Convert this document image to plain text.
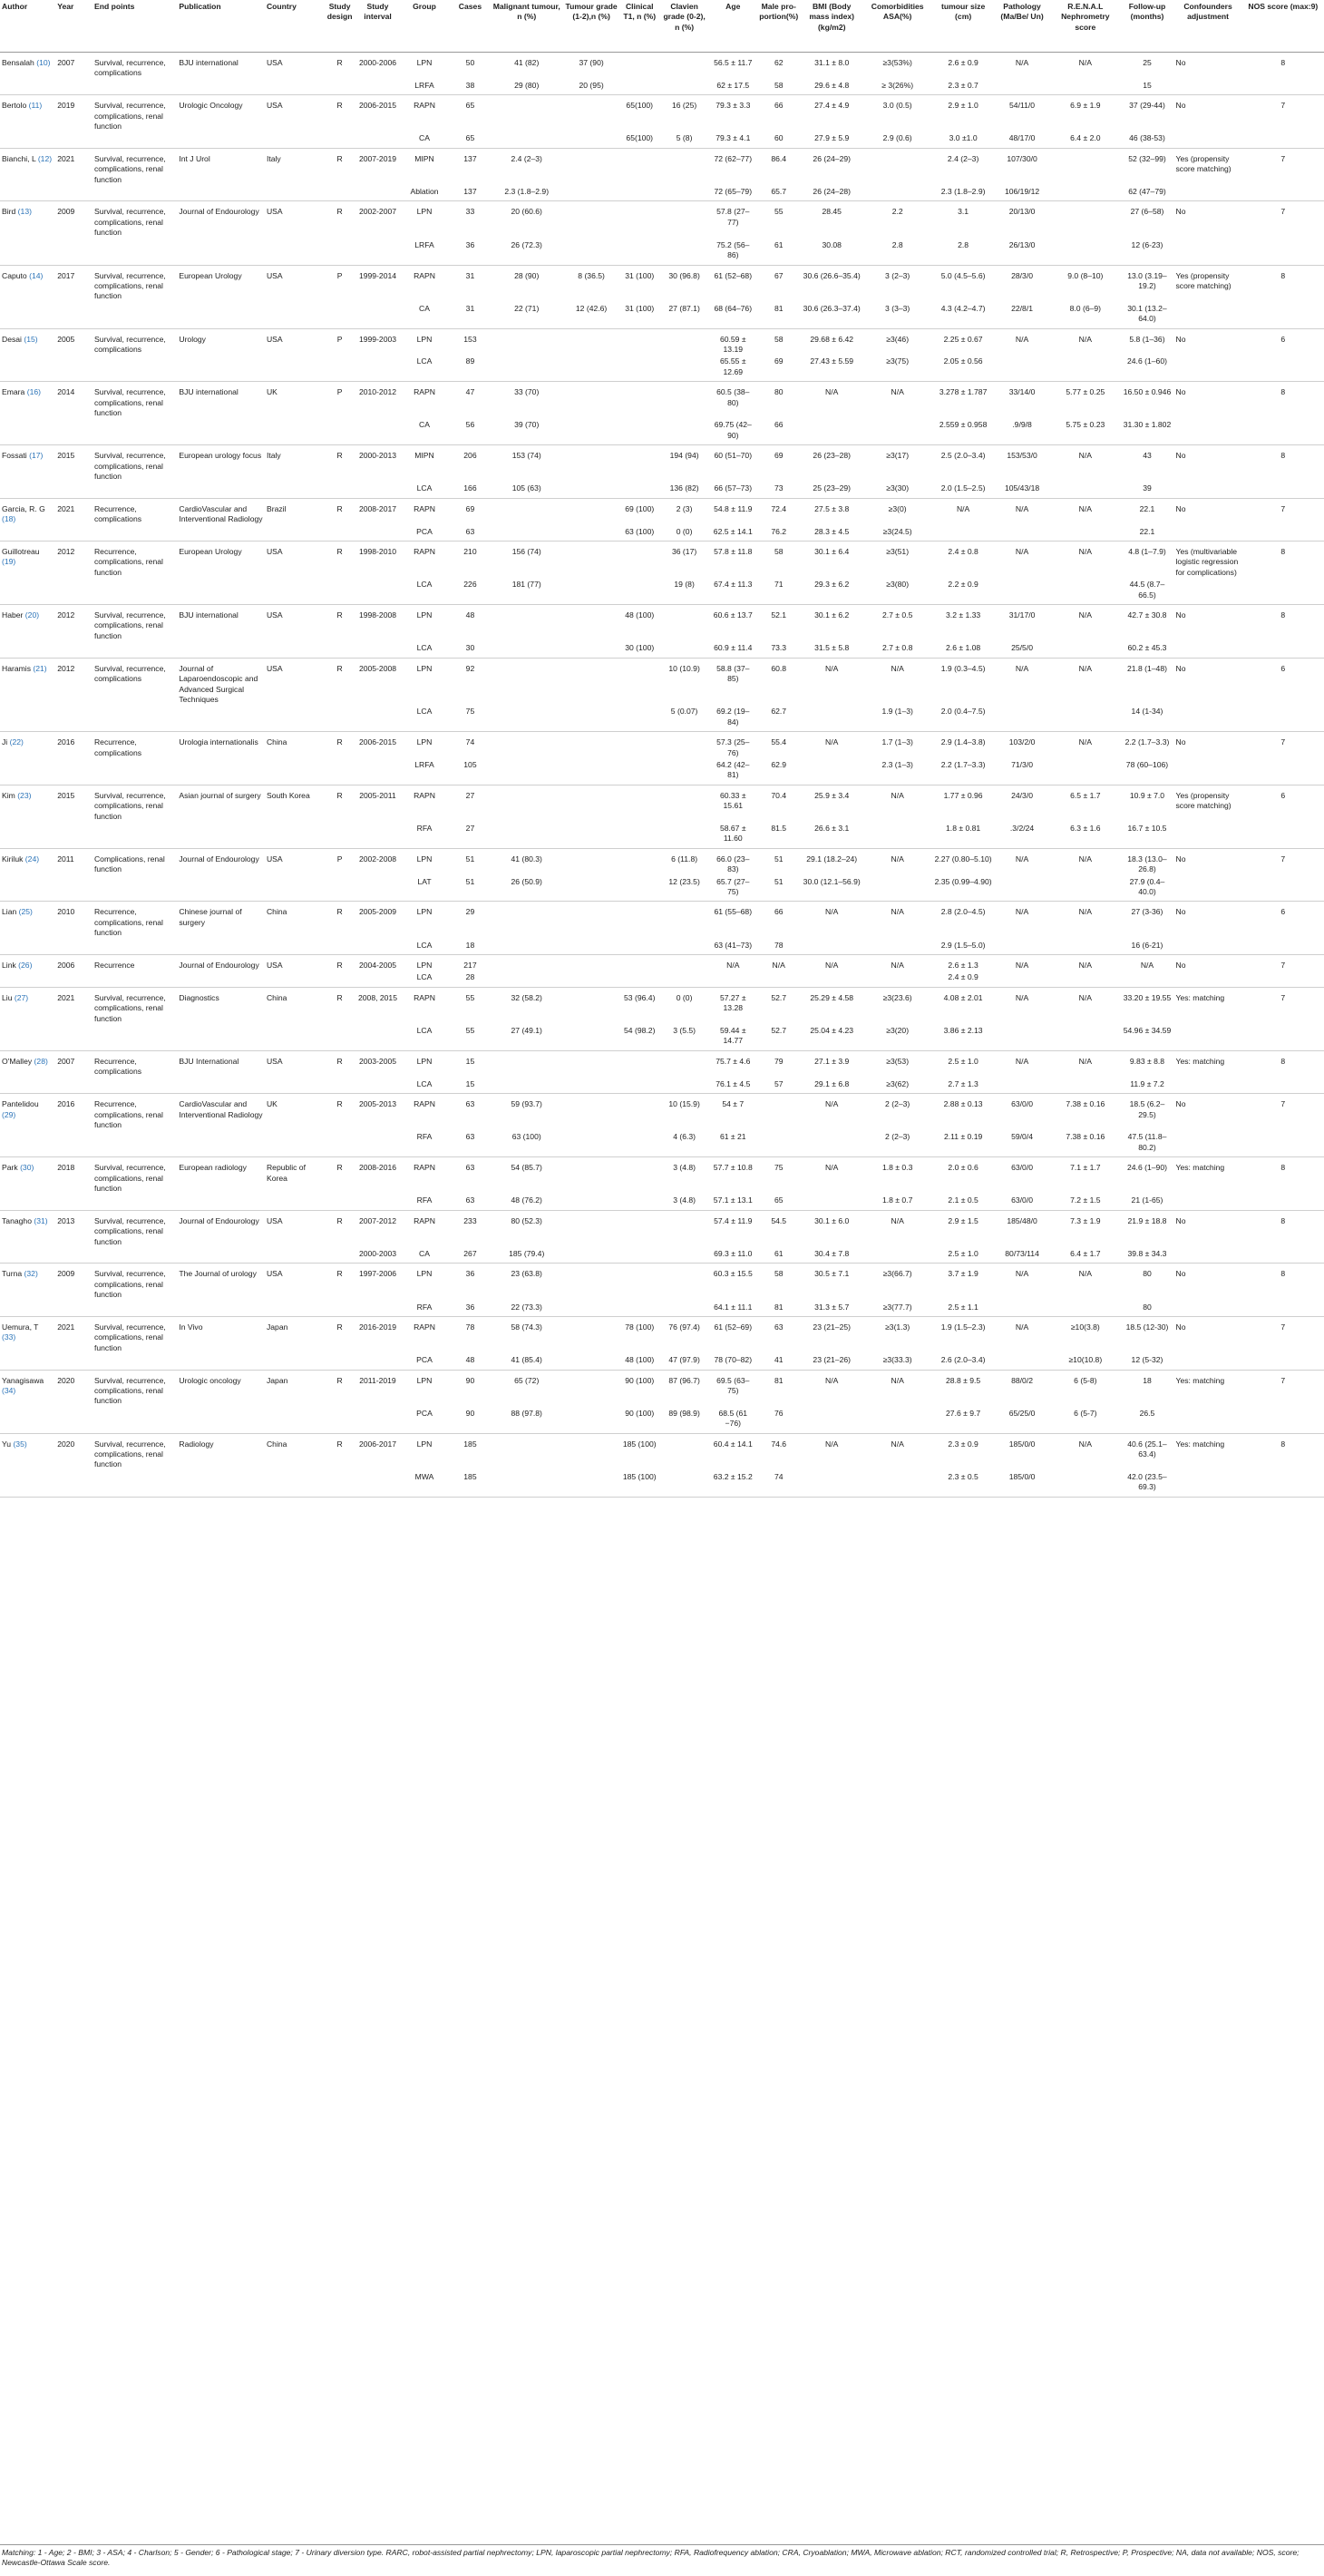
Author	Year	End points	Publication	Country	Study design	Study interval	Group	Cases	Malignant tumour, n (%)	Tumour grade (1-2),n (%)	Clinical T1, n (%)	Clavien grade (0-2), n (%)	Age	Male pro-portion(%)	BMI (Body mass index) (kg/m2)	Comorbidities ASA(%)	tumour size (cm)	Pathology (Ma/Be/ Un)	R.E.N.A.L Nephrometry score	Follow-up (months)	Confounders adjustment	NOS score (max:9)
Bensalah (10)	2007	Survival, recurrence, complications	BJU international	USA	R	2000-2006	LPN	50	41 (82)	37 (90)			56.5 ± 11.7	62	31.1 ± 8.0	≥3(53%)	2.6 ± 0.9	N/A	N/A	25	No	8
							LRFA	38	29 (80)	20 (95)			62 ± 17.5	58	29.6 ± 4.8	≥ 3(26%)	2.3 ± 0.7			15		
Bertolo (11)	2019	Survival, recurrence, complications, renal function	Urologic Oncology	USA	R	2006-2015	RAPN	65			65(100)	16 (25)	79.3 ± 3.3	66	27.4 ± 4.9	3.0 (0.5)	2.9 ± 1.0	54/11/0	6.9 ± 1.9	37 (29-44)	No	7
							CA	65			65(100)	5 (8)	79.3 ± 4.1	60	27.9 ± 5.9	2.9 (0.6)	3.0 ±1.0	48/17/0	6.4 ± 2.0	46 (38-53)		
Bianchi, L (12)	2021	Survival, recurrence, complications, renal function	Int J Urol	Italy	R	2007-2019	MIPN	137	2.4 (2–3)				72 (62–77)	86.4	26 (24–29)		2.4 (2–3)	107/30/0		52 (32–99)	Yes (propensity score matching)	7
							Ablation	137	2.3 (1.8–2.9)				72 (65–79)	65.7	26 (24–28)		2.3 (1.8–2.9)	106/19/12		62 (47–79)		
Bird (13)	2009	Survival, recurrence, complications, renal function	Journal of Endourology	USA	R	2002-2007	LPN	33	20 (60.6)				57.8 (27–77)	55	28.45	2.2	3.1	20/13/0		27 (6–58)	No	7
							LRFA	36	26 (72.3)				75.2 (56–86)	61	30.08	2.8	2.8	26/13/0		12 (6-23)		
Caputo (14)	2017	Survival, recurrence, complications, renal function	European Urology	USA	P	1999-2014	RAPN	31	28 (90)	8 (36.5)	31 (100)	30 (96.8)	61 (52–68)	67	30.6 (26.6–35.4)	3 (2–3)	5.0 (4.5–5.6)	28/3/0	9.0 (8–10)	13.0 (3.19–19.2)	Yes (propensity score matching)	8
							CA	31	22 (71)	12 (42.6)	31 (100)	27 (87.1)	68 (64–76)	81	30.6 (26.3–37.4)	3 (3–3)	4.3 (4.2–4.7)	22/8/1	8.0 (6–9)	30.1 (13.2–64.0)		
Desai (15)	2005	Survival, recurrence, complications	Urology	USA	P	1999-2003	LPN	153					60.59 ± 13.19	58	29.68 ± 6.42	≥3(46)	2.25 ± 0.67	N/A	N/A	5.8 (1–36)	No	6
							LCA	89					65.55 ± 12.69	69	27.43 ± 5.59	≥3(75)	2.05 ± 0.56			24.6 (1–60)		
Emara (16)	2014	Survival, recurrence, complications, renal function	BJU international	UK	P	2010-2012	RAPN	47	33 (70)				60.5 (38–80)	80	N/A	N/A	3.278 ± 1.787	33/14/0	5.77 ± 0.25	16.50 ± 0.946	No	8
							CA	56	39 (70)				69.75 (42–90)	66			2.559 ± 0.958	.9/9/8	5.75 ± 0.23	31.30 ± 1.802		
Fossati (17)	2015	Survival, recurrence, complications, renal function	European urology focus	Italy	R	2000-2013	MIPN	206	153 (74)			194 (94)	60 (51–70)	69	26 (23–28)	≥3(17)	2.5 (2.0–3.4)	153/53/0	N/A	43	No	8
							LCA	166	105 (63)			136 (82)	66 (57–73)	73	25 (23–29)	≥3(30)	2.0 (1.5–2.5)	105/43/18		39		
Garcia, R. G (18)	2021	Recurrence, complications	CardioVascular and Interventional Radiology	Brazil	R	2008-2017	RAPN	69			69 (100)	2 (3)	54.8 ± 11.9	72.4	27.5 ± 3.8	≥3(0)	N/A	N/A	N/A	22.1	No	7
							PCA	63			63 (100)	0 (0)	62.5 ± 14.1	76.2	28.3 ± 4.5	≥3(24.5)				22.1		
Guillotreau (19)	2012	Recurrence, complications, renal function	European Urology	USA	R	1998-2010	RAPN	210	156 (74)			36 (17)	57.8 ± 11.8	58	30.1 ± 6.4	≥3(51)	2.4 ± 0.8	N/A	N/A	4.8 (1–7.9)	Yes (multivariable logistic regression for complications)	8
							LCA	226	181 (77)			19 (8)	67.4 ± 11.3	71	29.3 ± 6.2	≥3(80)	2.2 ± 0.9			44.5 (8.7–66.5)		
Haber (20)	2012	Survival, recurrence, complications, renal function	BJU international	USA	R	1998-2008	LPN	48			48 (100)		60.6 ± 13.7	52.1	30.1 ± 6.2	2.7 ± 0.5	3.2 ± 1.33	31/17/0	N/A	42.7 ± 30.8	No	8
							LCA	30			30 (100)		60.9 ± 11.4	73.3	31.5 ± 5.8	2.7 ± 0.8	2.6 ± 1.08	25/5/0		60.2 ± 45.3		
Haramis (21)	2012	Survival, recurrence, complications	Journal of Laparoendoscopic and Advanced Surgical Techniques	USA	R	2005-2008	LPN	92				10 (10.9)	58.8 (37–85)	60.8	N/A	N/A	1.9 (0.3–4.5)	N/A	N/A	21.8 (1–48)	No	6
							LCA	75				5 (0.07)	69.2 (19–84)	62.7		1.9 (1–3)	2.0 (0.4–7.5)			14 (1-34)		
Ji (22)	2016	Recurrence, complications	Urologia internationalis	China	R	2006-2015	LPN	74					57.3 (25–76)	55.4	N/A	1.7 (1–3)	2.9 (1.4–3.8)	103/2/0	N/A	2.2 (1.7–3.3)	No	7
							LRFA	105					64.2 (42–81)	62.9		2.3 (1–3)	2.2 (1.7–3.3)	71/3/0		78 (60–106)		
Kim (23)	2015	Survival, recurrence, complications, renal function	Asian journal of surgery	South Korea	R	2005-2011	RAPN	27					60.33 ± 15.61	70.4	25.9 ± 3.4	N/A	1.77 ± 0.96	24/3/0	6.5 ± 1.7	10.9 ± 7.0	Yes (propensity score matching)	6
							RFA	27					58.67 ± 11.60	81.5	26.6 ± 3.1		1.8 ± 0.81	.3/2/24	6.3 ± 1.6	16.7 ± 10.5		
Kiriluk (24)	2011	Complications, renal function	Journal of Endourology	USA	P	2002-2008	LPN	51	41 (80.3)			6 (11.8)	66.0 (23–83)	51	29.1 (18.2–24)	N/A	2.27 (0.80–5.10)	N/A	N/A	18.3 (13.0–26.8)	No	7
							LAT	51	26 (50.9)			12 (23.5)	65.7 (27–75)	51	30.0 (12.1–56.9)		2.35 (0.99–4.90)			27.9 (0.4–40.0)		
Lian (25)	2010	Recurrence, complications, renal function	Chinese journal of surgery	China	R	2005-2009	LPN	29					61 (55–68)	66	N/A	N/A	2.8 (2.0–4.5)	N/A	N/A	27 (3-36)	No	6
							LCA	18					63 (41–73)	78			2.9 (1.5–5.0)			16 (6-21)		
Link (26)	2006	Recurrence	Journal of Endourology	USA	R	2004-2005	LPN	217					N/A	N/A	N/A	N/A	2.6 ± 1.3	N/A	N/A	N/A	No	7
							LCA	28									2.4 ± 0.9					
Liu (27)	2021	Survival, recurrence, complications, renal function	Diagnostics	China	R	2008, 2015	RAPN	55	32 (58.2)		53 (96.4)	0 (0)	57.27 ± 13.28	52.7	25.29 ± 4.58	≥3(23.6)	4.08 ± 2.01	N/A	N/A	33.20 ± 19.55	Yes: matching	7
							LCA	55	27 (49.1)		54 (98.2)	3 (5.5)	59.44 ± 14.77	52.7	25.04 ± 4.23	≥3(20)	3.86 ± 2.13			54.96 ± 34.59		
O'Malley (28)	2007	Recurrence, complications	BJU International	USA	R	2003-2005	LPN	15					75.7 ± 4.6	79	27.1 ± 3.9	≥3(53)	2.5 ± 1.0	N/A	N/A	9.83 ± 8.8	Yes: matching	8
							LCA	15					76.1 ± 4.5	57	29.1 ± 6.8	≥3(62)	2.7 ± 1.3			11.9 ± 7.2		
Pantelidou (29)	2016	Recurrence, complications, renal function	CardioVascular and Interventional Radiology	UK	R	2005-2013	RAPN	63	59 (93.7)			10 (15.9)	54 ± 7		N/A	2 (2–3)	2.88 ± 0.13	63/0/0	7.38 ± 0.16	18.5 (6.2–29.5)	No	7
							RFA	63	63 (100)			4 (6.3)	61 ± 21			2 (2–3)	2.11 ± 0.19	59/0/4	7.38 ± 0.16	47.5 (11.8–80.2)		
Park (30)	2018	Survival, recurrence, complications, renal function	European radiology	Republic of Korea	R	2008-2016	RAPN	63	54 (85.7)			3 (4.8)	57.7 ± 10.8	75	N/A	1.8 ± 0.3	2.0 ± 0.6	63/0/0	7.1 ± 1.7	24.6 (1–90)	Yes: matching	8
							RFA	63	48 (76.2)			3 (4.8)	57.1 ± 13.1	65		1.8 ± 0.7	2.1 ± 0.5	63/0/0	7.2 ± 1.5	21 (1-65)		
Tanagho (31)	2013	Survival, recurrence, complications, renal function	Journal of Endourology	USA	R	2007-2012	RAPN	233	80 (52.3)				57.4 ± 11.9	54.5	30.1 ± 6.0	N/A	2.9 ± 1.5	185/48/0	7.3 ± 1.9	21.9 ± 18.8	No	8
						2000-2003	CA	267	185 (79.4)				69.3 ± 11.0	61	30.4 ± 7.8		2.5 ± 1.0	80/73/114	6.4 ± 1.7	39.8 ± 34.3		
Turna (32)	2009	Survival, recurrence, complications, renal function	The Journal of urology	USA	R	1997-2006	LPN	36	23 (63.8)				60.3 ± 15.5	58	30.5 ± 7.1	≥3(66.7)	3.7 ± 1.9	N/A	N/A	80	No	8
							RFA	36	22 (73.3)				64.1 ± 11.1	81	31.3 ± 5.7	≥3(77.7)	2.5 ± 1.1			80		
Uemura, T (33)	2021	Survival, recurrence, complications, renal function	In Vivo	Japan	R	2016-2019	RAPN	78	58 (74.3)		78 (100)	76 (97.4)	61 (52–69)	63	23 (21–25)	≥3(1.3)	1.9 (1.5–2.3)	N/A	≥10(3.8)	18.5 (12-30)	No	7
							PCA	48	41 (85.4)		48 (100)	47 (97.9)	78 (70–82)	41	23 (21–26)	≥3(33.3)	2.6 (2.0–3.4)		≥10(10.8)	12 (5-32)		
Yanagisawa (34)	2020	Survival, recurrence, complications, renal function	Urologic oncology	Japan	R	2011-2019	LPN	90	65 (72)		90 (100)	87 (96.7)	69.5 (63–75)	81	N/A	N/A	28.8 ± 9.5	88/0/2	6 (5-8)	18	Yes: matching	7
							PCA	90	88 (97.8)		90 (100)	89 (98.9)	68.5 (61 −76)	76			27.6 ± 9.7	65/25/0	6 (5-7)	26.5		
Yu (35)	2020	Survival, recurrence, complications, renal function	Radiology	China	R	2006-2017	LPN	185			185 (100)		60.4 ± 14.1	74.6	N/A	N/A	2.3 ± 0.9	185/0/0	N/A	40.6 (25.1–63.4)	Yes: matching	8
							MWA	185			185 (100)		63.2 ± 15.2	74			2.3 ± 0.5	185/0/0		42.0 (23.5–69.3)		
Matching: 1 - Age; 2 - BMI; 3 - ASA; 4 - Charlson; 5 - Gender; 6 - Pathological stage; 7 - Urinary diversion type. RARC, robot-assisted partial nephrectomy; LPN, laparoscopic partial nephrectomy; RFA, Radiofrequency ablation; CRA, Cryoablation; MWA, Microwave ablation; RCT, randomized controlled trial; R, Retrospective; P, Prospective; NA, data not available; NOS, score; Newcastle-Ottawa Scale score.
